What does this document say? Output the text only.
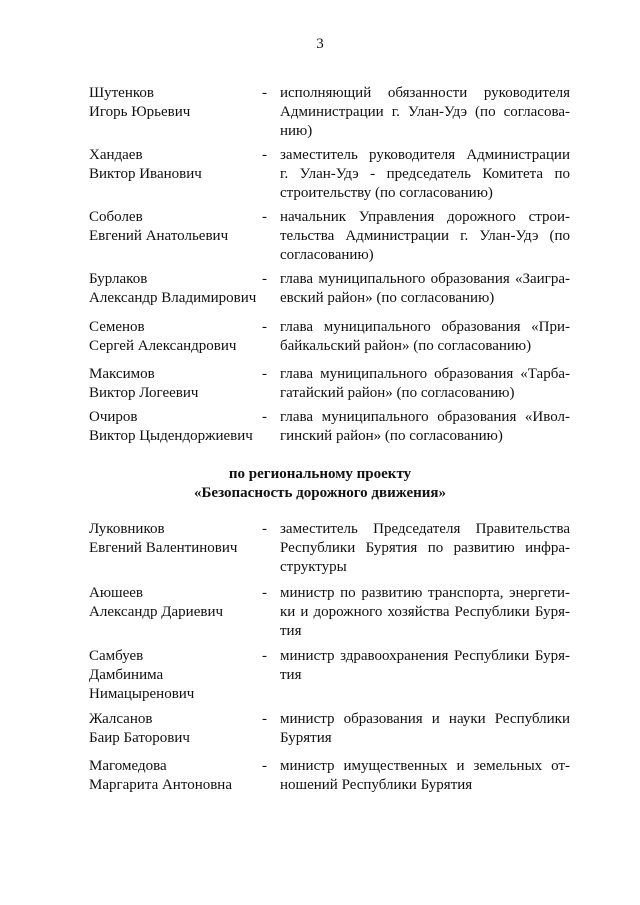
3
Шутенков
Игорь Юрьевич
- исполняющий обязанности руководителя
Администрации г. Улан-Удэ (по согласова-
нию)
Хандаев
Виктор Иванович
- заместитель руководителя Администрации
г. Улан-Удэ - председатель Комитета по
строительству (по согласованию)
Соболев
Евгений Анатольевич
- начальник Управления дорожного строи-
тельства Администрации г. Улан-Удэ (по
согласованию)
Бурлаков
Александр Владимирович
- глава муниципального образования «Заигра-
евский район» (по согласованию)
Семенов
Сергей Александрович
- глава муниципального образования «При-
байкальский район» (по согласованию)
Максимов
Виктор Логеевич
- глава муниципального образования «Тарба-
гатайский район» (по согласованию)
Очиров
Виктор Цыдендоржиевич
- глава муниципального образования «Ивол-
гинский район» (по согласованию)
по региональному проекту
«Безопасность дорожного движения»
Луковников
Евгений Валентинович
- заместитель Председателя Правительства
Республики Бурятия по развитию инфра-
структуры
Аюшеев
Александр Дариевич
- министр по развитию транспорта, энергети-
ки и дорожного хозяйства Республики Буря-
тия
Самбуев
Дамбинима
Нимацыренович
- министр здравоохранения Республики Буря-
тия
Жалсанов
Баир Баторович
- министр образования и науки Республики
Бурятия
Магомедова
Маргарита Антоновна
- министр имущественных и земельных от-
ношений Республики Бурятия
